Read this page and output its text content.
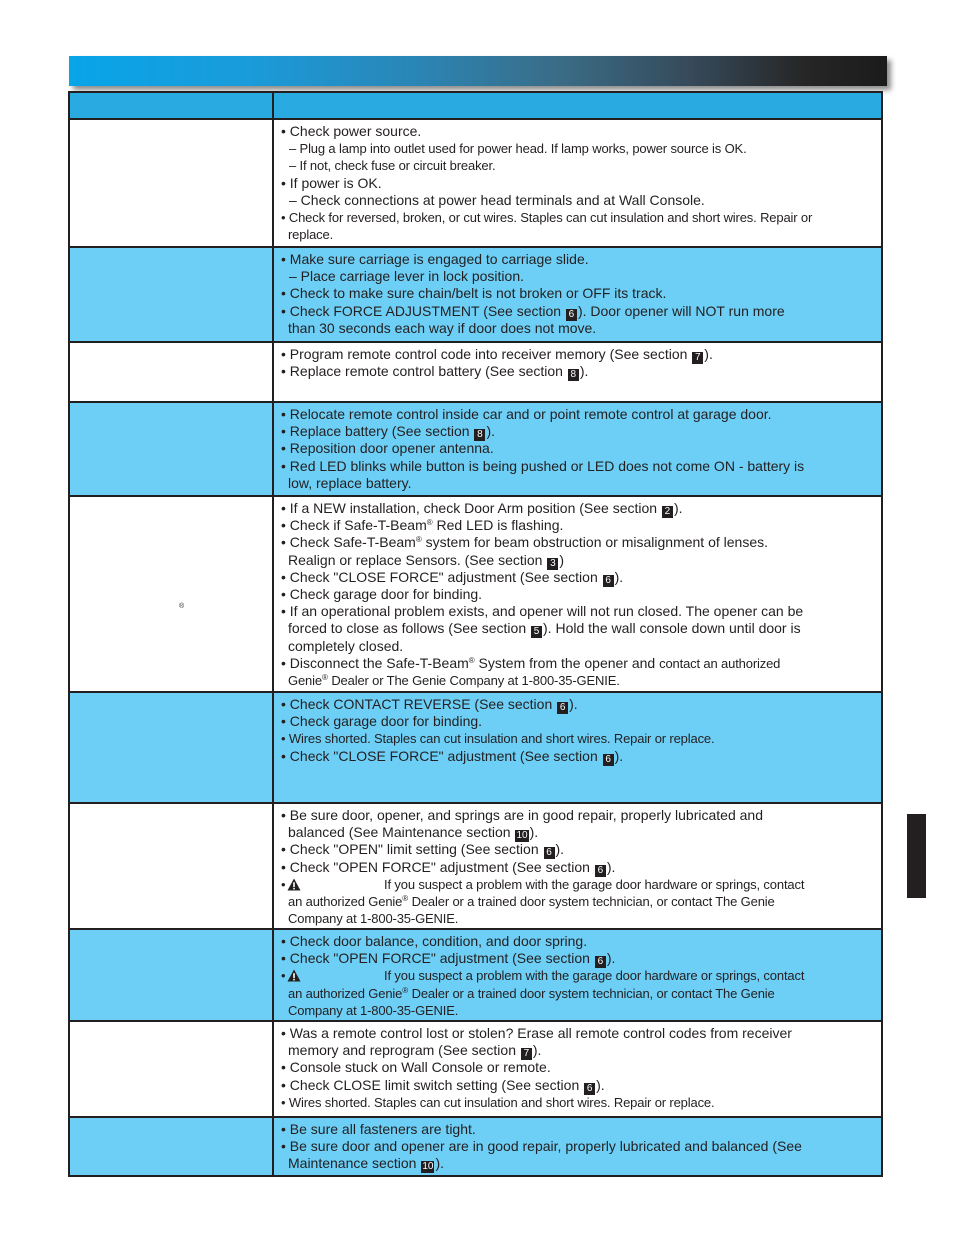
• Check power source.
– Plug a lamp into outlet used for power head. If lamp works, power source is OK.
– If not, check fuse or circuit breaker.
• If power is OK.
– Check connections at power head terminals and at Wall Console.
• Check for reversed, broken, or cut wires. Staples can cut insulation and short wires. Repair or
replace.
• Make sure carriage is engaged to carriage slide.
– Place carriage lever in lock position.
• Check to make sure chain/belt is not broken or OFF its track.
• Check FORCE ADJUSTMENT (See section 6 ). Door opener will NOT run more
than 30 seconds each way if door does not move.
• Program remote control code into receiver memory (See section 7 ).
• Replace remote control battery (See section 8 ).
• Relocate remote control inside car and or point remote control at garage door.
• Replace battery (See section 8 ).
• Reposition door opener antenna.
• Red LED blinks while button is being pushed or LED does not come ON - battery is
low, replace battery.
®
• If a NEW installation, check Door Arm position (See section 2 ).
• Check if Safe-T-Beam® Red LED is flashing.
• Check Safe-T-Beam® system for beam obstruction or misalignment of lenses.
Realign or replace Sensors. (See section 3 )
• Check "CLOSE FORCE" adjustment (See section 6 ).
• Check garage door for binding.
• If an operational problem exists, and opener will not run closed. The opener can be
forced to close as follows (See section 5 ). Hold the wall console down until door is
completely closed.
• Disconnect the Safe-T-Beam® System from the opener and contact an authorized
Genie® Dealer or The Genie Company at 1-800-35-GENIE.
• Check CONTACT REVERSE (See section 6 ).
• Check garage door for binding.
• Wires shorted. Staples can cut insulation and short wires. Repair or replace.
• Check "CLOSE FORCE" adjustment (See section 6 ).
• Be sure door, opener, and springs are in good repair, properly lubricated and
balanced (See Maintenance section 10 ).
• Check "OPEN" limit setting (See section 6 ).
• Check "OPEN FORCE" adjustment (See section 6 ).
•	If you suspect a problem with the garage door hardware or springs, contact
an authorized Genie® Dealer or a trained door system technician, or contact The Genie
Company at 1-800-35-GENIE.
• Check door balance, condition, and door spring.
• Check "OPEN FORCE" adjustment (See section 6 ).
•	If you suspect a problem with the garage door hardware or springs, contact
an authorized Genie® Dealer or a trained door system technician, or contact The Genie
Company at 1-800-35-GENIE.
• Was a remote control lost or stolen? Erase all remote control codes from receiver
memory and reprogram (See section 7 ).
• Console stuck on Wall Console or remote.
• Check CLOSE limit switch setting (See section 6 ).
• Wires shorted. Staples can cut insulation and short wires. Repair or replace.
• Be sure all fasteners are tight.
• Be sure door and opener are in good repair, properly lubricated and balanced (See
Maintenance section 10 ).
